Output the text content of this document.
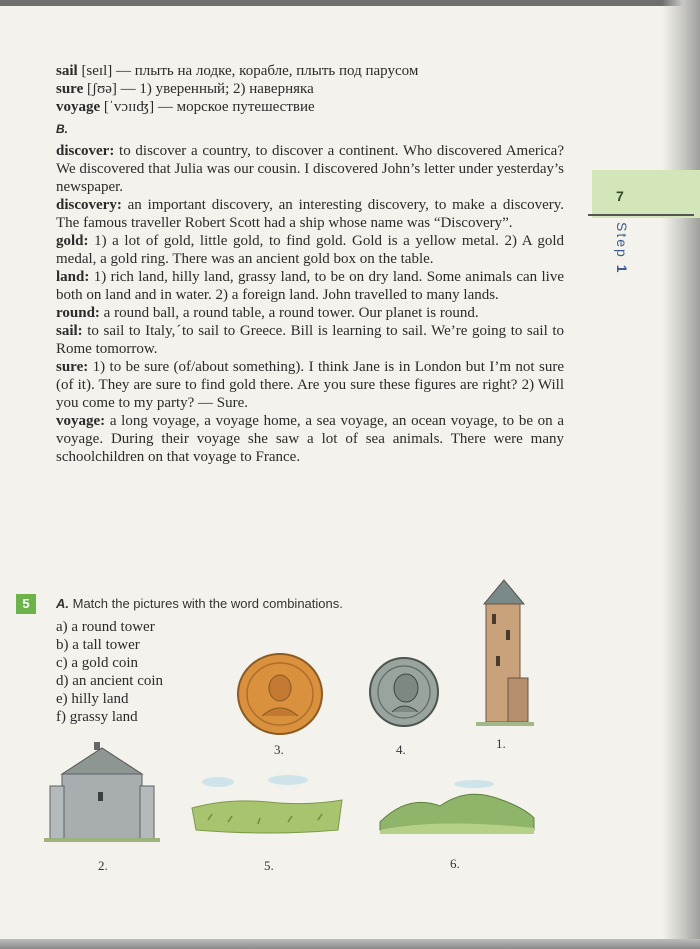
sail [seɪl] — плыть на лодке, корабле, плыть под парусом

sure [ʃʊə] — 1) уверенный; 2) наверняка

voyage [ˈvɔɪɪʤ] — морское путешествие

B.

discover: to discover a country, to discover a continent. Who discovered America? We discovered that Julia was our cousin. I discovered John’s letter under yesterday’s newspaper.

discovery: an important discovery, an interesting discovery, to make a discovery. The famous traveller Robert Scott had a ship whose name was “Discovery”.

gold: 1) a lot of gold, little gold, to find gold. Gold is a yellow metal. 2) A gold medal, a gold ring. There was an ancient gold box on the table.

land: 1) rich land, hilly land, grassy land, to be on dry land. Some animals can live both on land and in water. 2) a foreign land. John travelled to many lands.

round: a round ball, a round table, a round tower. Our planet is round.

sail: to sail to Italy,ˊto sail to Greece. Bill is learning to sail. We’re going to sail to Rome tomorrow.

sure: 1) to be sure (of/about something). I think Jane is in London but I’m not sure (of it). They are sure to find gold there. Are you sure these figures are right? 2) Will you come to my party? — Sure.

voyage: a long voyage, a voyage home, a sea voyage, an ocean voyage, to be on a voyage. During their voyage she saw a lot of sea animals. There were many schoolchildren on that voyage to France.

7
Step 1
5	A. Match the pictures with the word combinations.
a) a round tower
b) a tall tower
c) a gold coin
d) an ancient coin
e) hilly land
f) grassy land
1.
3.	4.
2.	5.	6.
